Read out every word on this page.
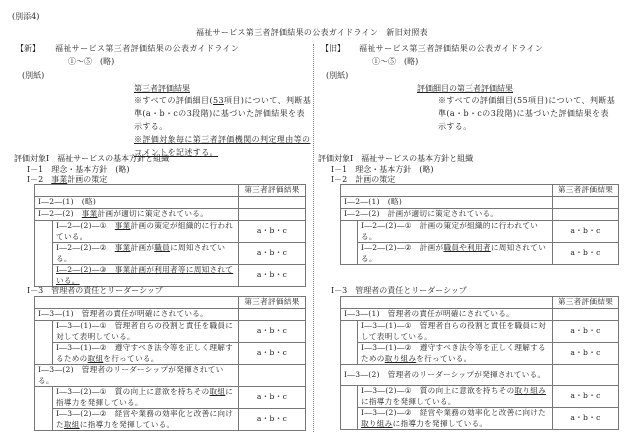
(別添4)
福祉サービス第三者評価結果の公表ガイドライン　新旧対照表
【新】 福祉サービス第三者評価結果の公表ガイドライン
①～⑤　(略)
(別紙)
第三者評価結果
※すべての評価細目(53項目)について、判断基準(a・b・cの3段階)に基づいた評価結果を表示する。
※評価対象毎に第三者評価機関の判定理由等のコメントを記述する。
評価対象Ⅰ　福祉サービスの基本方針と組織
Ⅰ－1　理念・基本方針　(略)
Ⅰ－2　事業計画の策定
		第三者評価結果
Ⅰ―2―(1)　(略)		
Ⅰ―2―(2)　事業計画が適切に策定されている。		
	Ⅰ―2―(2)―①　事業計画の策定が組織的に行われている。	a・b・c
	Ⅰ―2―(2)―②　事業計画が職員に周知されている。	a・b・c
	Ⅰ―2―(2)―③　事業計画が利用者等に周知されている。	a・b・c
Ⅰ－3　管理者の責任とリーダーシップ
		第三者評価結果
Ⅰ―3―(1)　管理者の責任が明確にされている。		
	Ⅰ―3―(1)―①　管理者自らの役割と責任を職員に対して表明している。	a・b・c
	Ⅰ―3―(1)―②　遵守すべき法令等を正しく理解するための取組を行っている。	a・b・c
Ⅰ―3―(2)　管理者のリーダーシップが発揮されている。		
	Ⅰ―3―(2)―①　質の向上に意欲を持ちその取組に指導力を発揮している。	a・b・c
	Ⅰ―3―(2)―②　経営や業務の効率化と改善に向けた取組に指導力を発揮している。	a・b・c
【旧】 福祉サービス第三者評価結果の公表ガイドライン
①～⑤　(略)
(別紙)
評価細目の第三者評価結果
※すべての評価細目(55項目)について、判断基準(a・b・cの3段階)に基づいた評価結果を表示する。
評価対象Ⅰ　福祉サービスの基本方針と組織
Ⅰ－1　理念・基本方針　(略)
Ⅰ－2　計画の策定
		第三者評価結果
Ⅰ―2―(1)　(略)		
Ⅰ―2―(2)　計画が適切に策定されている。		
	Ⅰ―2―(2)―①　計画の策定が組織的に行われている。	a・b・c
	Ⅰ―2―(2)―②　計画が職員や利用者に周知されている。	a・b・c
Ⅰ－3　管理者の責任とリーダーシップ
		第三者評価結果
Ⅰ―3―(1)　管理者の責任が明確にされている。		
	Ⅰ―3―(1)―①　管理者自らの役割と責任を職員に対して表明している。	a・b・c
	Ⅰ―3―(1)―②　遵守すべき法令等を正しく理解するための取り組みを行っている。	a・b・c
Ⅰ―3―(2)　管理者のリーダーシップが発揮されている。		
	Ⅰ―3―(2)―①　質の向上に意欲を持ちその取り組みに指導力を発揮している。	a・b・c
	Ⅰ―3―(2)―②　経営や業務の効率化と改善に向けた取り組みに指導力を発揮している。	a・b・c
